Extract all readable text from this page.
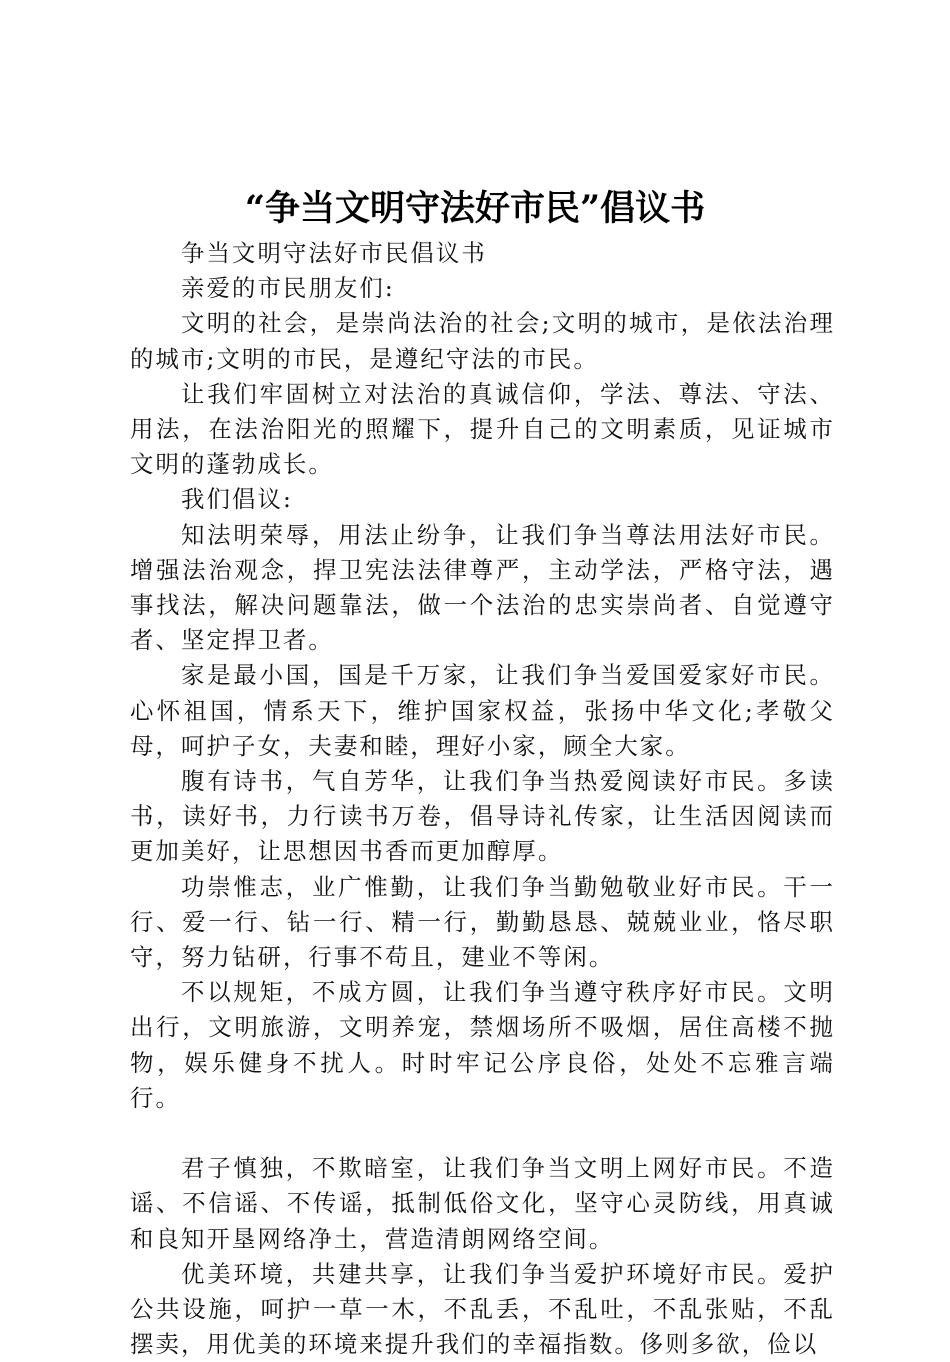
“争当文明守法好市民”倡议书

争当文明守法好市民倡议书

亲爱的市民朋友们:

文明的社会，是崇尚法治的社会;文明的城市，是依法治理的城市;文明的市民，是遵纪守法的市民。

让我们牢固树立对法治的真诚信仰，学法、尊法、守法、用法，在法治阳光的照耀下，提升自己的文明素质，见证城市文明的蓬勃成长。

我们倡议:

知法明荣辱，用法止纷争，让我们争当尊法用法好市民。增强法治观念，捍卫宪法法律尊严，主动学法，严格守法，遇事找法，解决问题靠法，做一个法治的忠实崇尚者、自觉遵守者、坚定捍卫者。

家是最小国，国是千万家，让我们争当爱国爱家好市民。心怀祖国，情系天下，维护国家权益，张扬中华文化;孝敬父母，呵护子女，夫妻和睦，理好小家，顾全大家。

腹有诗书，气自芳华，让我们争当热爱阅读好市民。多读书，读好书，力行读书万卷，倡导诗礼传家，让生活因阅读而更加美好，让思想因书香而更加醇厚。

功崇惟志，业广惟勤，让我们争当勤勉敬业好市民。干一行、爱一行、钻一行、精一行，勤勤恳恳、兢兢业业，恪尽职守，努力钻研，行事不苟且，建业不等闲。

不以规矩，不成方圆，让我们争当遵守秩序好市民。文明出行，文明旅游，文明养宠，禁烟场所不吸烟，居住高楼不抛物，娱乐健身不扰人。时时牢记公序良俗，处处不忘雅言端行。

君子慎独，不欺暗室，让我们争当文明上网好市民。不造谣、不信谣、不传谣，抵制低俗文化，坚守心灵防线，用真诚和良知开垦网络净土，营造清朗网络空间。

优美环境，共建共享，让我们争当爱护环境好市民。爱护公共设施，呵护一草一木，不乱丢，不乱吐，不乱张贴，不乱摆卖，用优美的环境来提升我们的幸福指数。侈则多欲，俭以
